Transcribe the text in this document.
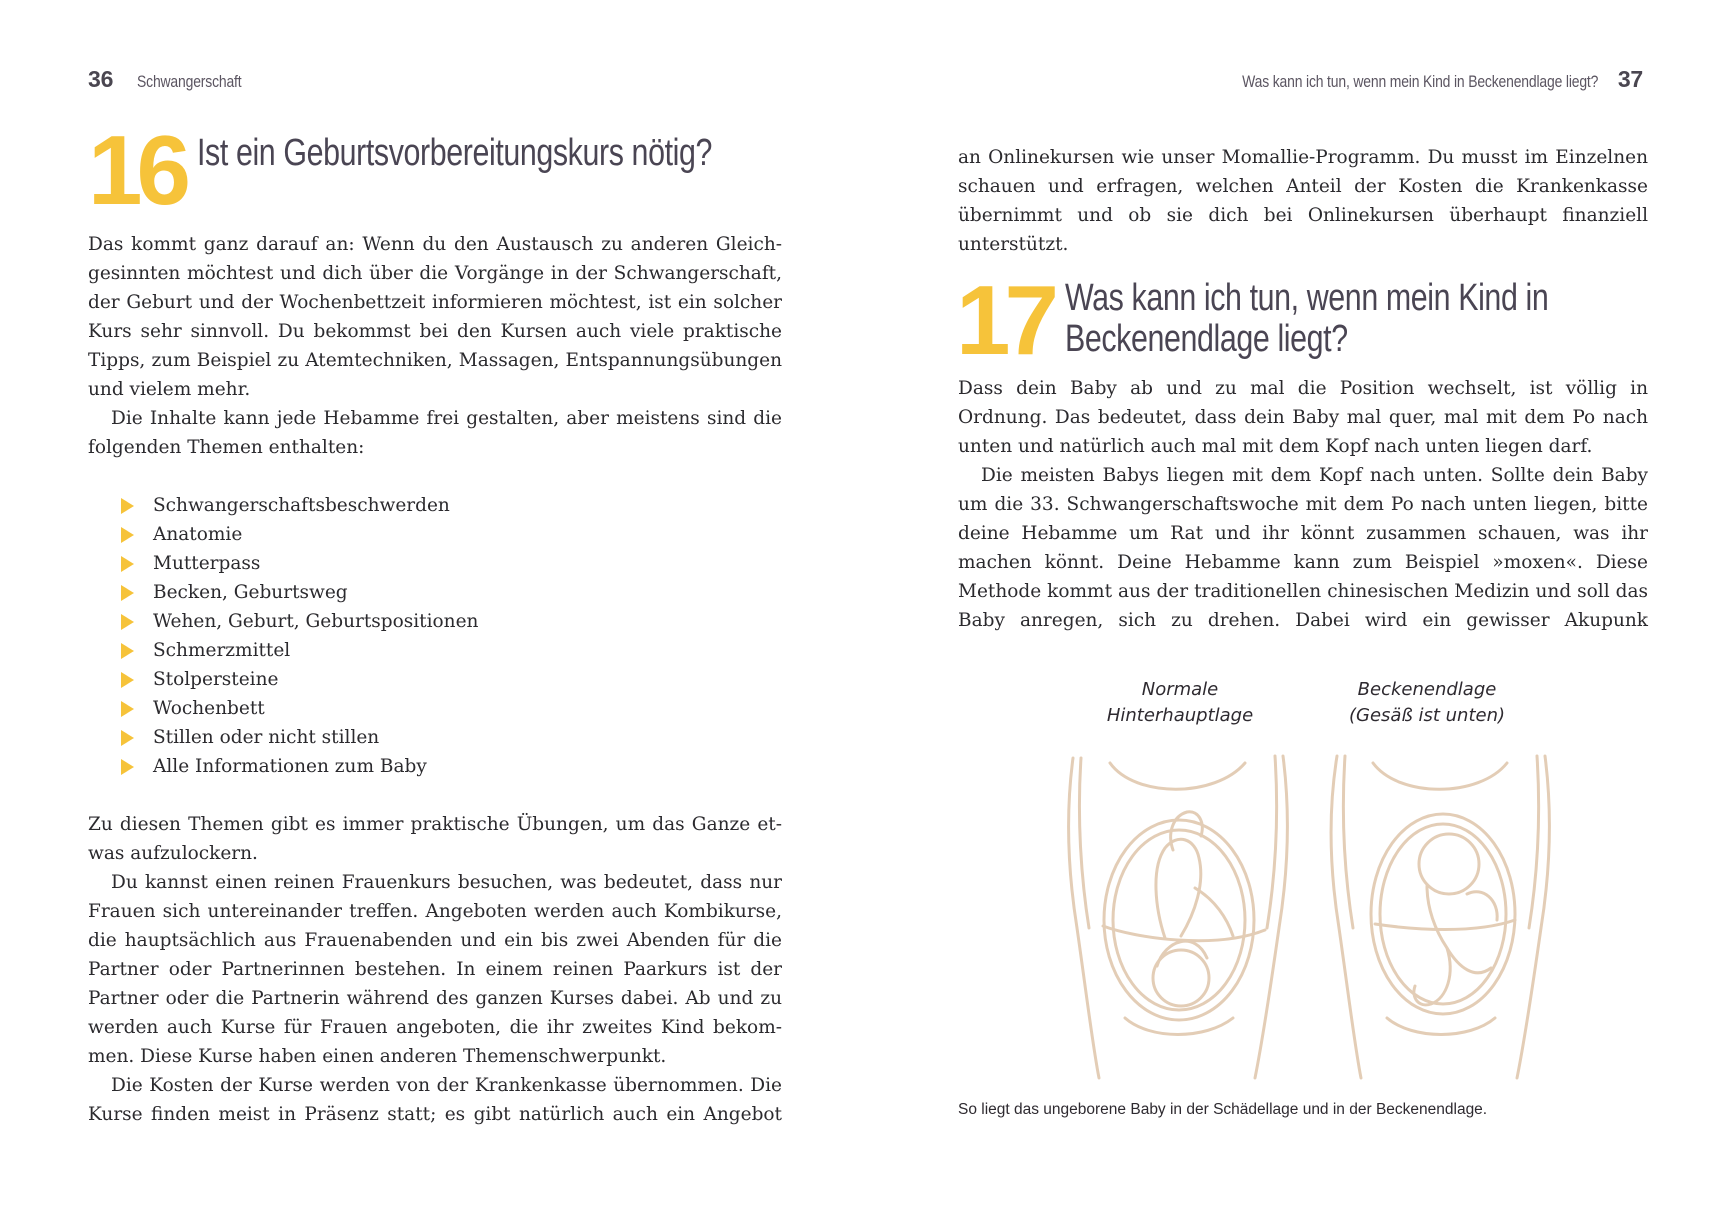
36 Schwangerschaft
16 Ist ein Geburtsvorbereitungskurs nötig?

Das kommt ganz darauf an: Wenn du den Austausch zu anderen Gleichgesinnten möchtest und dich über die Vorgänge in der Schwangerschaft, der Geburt und der Wochenbettzeit informieren möchtest, ist ein solcher Kurs sehr sinnvoll. Du bekommst bei den Kursen auch viele praktische Tipps, zum Beispiel zu Atemtechniken, Massagen, Entspannungsübungen und vielem mehr.

Die Inhalte kann jede Hebamme frei gestalten, aber meistens sind die folgenden Themen enthalten:

Schwangerschaftsbeschwerden
Anatomie
Mutterpass
Becken, Geburtsweg
Wehen, Geburt, Geburtspositionen
Schmerzmittel
Stolpersteine
Wochenbett
Stillen oder nicht stillen
Alle Informationen zum Baby

Zu diesen Themen gibt es immer praktische Übungen, um das Ganze etwas aufzulockern.

Du kannst einen reinen Frauenkurs besuchen, was bedeutet, dass nur Frauen sich untereinander treffen. Angeboten werden auch Kombikurse, die hauptsächlich aus Frauenabenden und ein bis zwei Abenden für die Partner oder Partnerinnen bestehen. In einem reinen Paarkurs ist der Partner oder die Partnerin während des ganzen Kurses dabei. Ab und zu werden auch Kurse für Frauen angeboten, die ihr zweites Kind bekommen. Diese Kurse haben einen anderen Themenschwerpunkt.

Die Kosten der Kurse werden von der Krankenkasse übernommen. Die Kurse finden meist in Präsenz statt; es gibt natürlich auch ein Angebot

Was kann ich tun, wenn mein Kind in Beckenendlage liegt? 37

an Onlinekursen wie unser Momallie-Programm. Du musst im Einzelnen schauen und erfragen, welchen Anteil der Kosten die Krankenkasse übernimmt und ob sie dich bei Onlinekursen überhaupt finanziell unterstützt.

17 Was kann ich tun, wenn mein Kind in
Beckenendlage liegt?

Dass dein Baby ab und zu mal die Position wechselt, ist völlig in Ordnung. Das bedeutet, dass dein Baby mal quer, mal mit dem Po nach unten und natürlich auch mal mit dem Kopf nach unten liegen darf.

Die meisten Babys liegen mit dem Kopf nach unten. Sollte dein Baby um die 33. Schwangerschaftswoche mit dem Po nach unten liegen, bitte deine Hebamme um Rat und ihr könnt zusammen schauen, was ihr machen könnt. Deine Hebamme kann zum Beispiel »moxen«. Diese Methode kommt aus der traditionellen chinesischen Medizin und soll das Baby anregen, sich zu drehen. Dabei wird ein gewisser Akupunk

Normale
Hinterhauptlage
Beckenendlage
(Gesäß ist unten)
So liegt das ungeborene Baby in der Schädellage und in der Beckenendlage.
